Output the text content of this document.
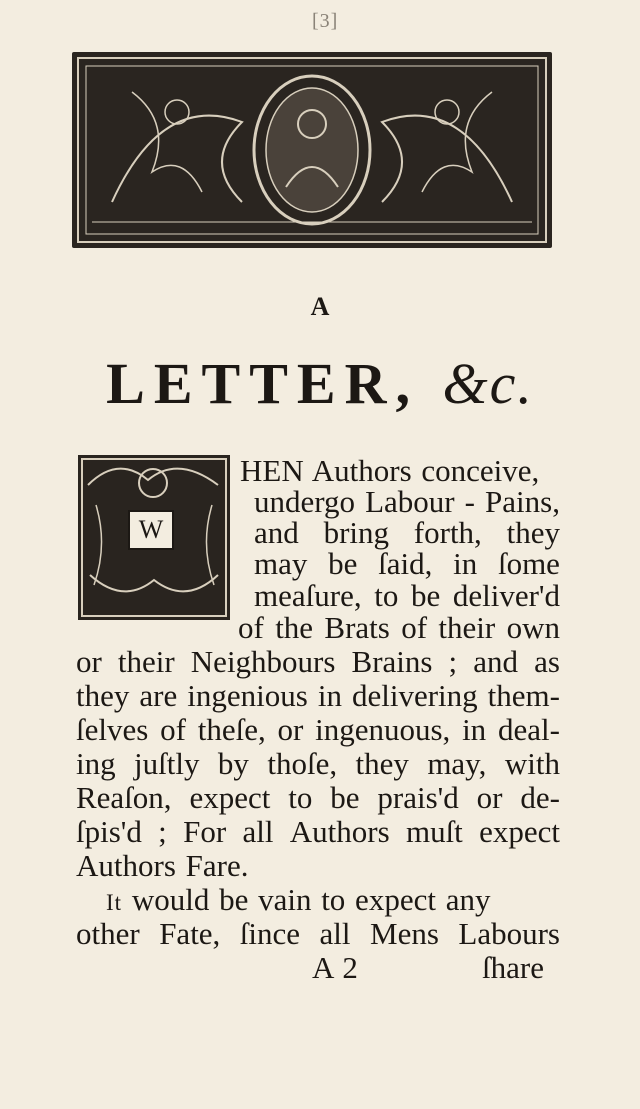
[3]
A
LETTER, &c.
W
HEN Authors conceive,
undergo Labour - Pains,
and bring forth, they
may be ſaid, in ſome
meaſure, to be deliver'd
of the Brats of their own
or their Neighbours Brains ; and as
they are ingenious in delivering them-
ſelves of theſe, or ingenuous, in deal-
ing juſtly by thoſe, they may, with
Reaſon, expect to be prais'd or de-
ſpis'd ; For all Authors muſt expect
Authors Fare.
It would be vain to expect any
other Fate, ſince all Mens Labours
A 2	ſhare
